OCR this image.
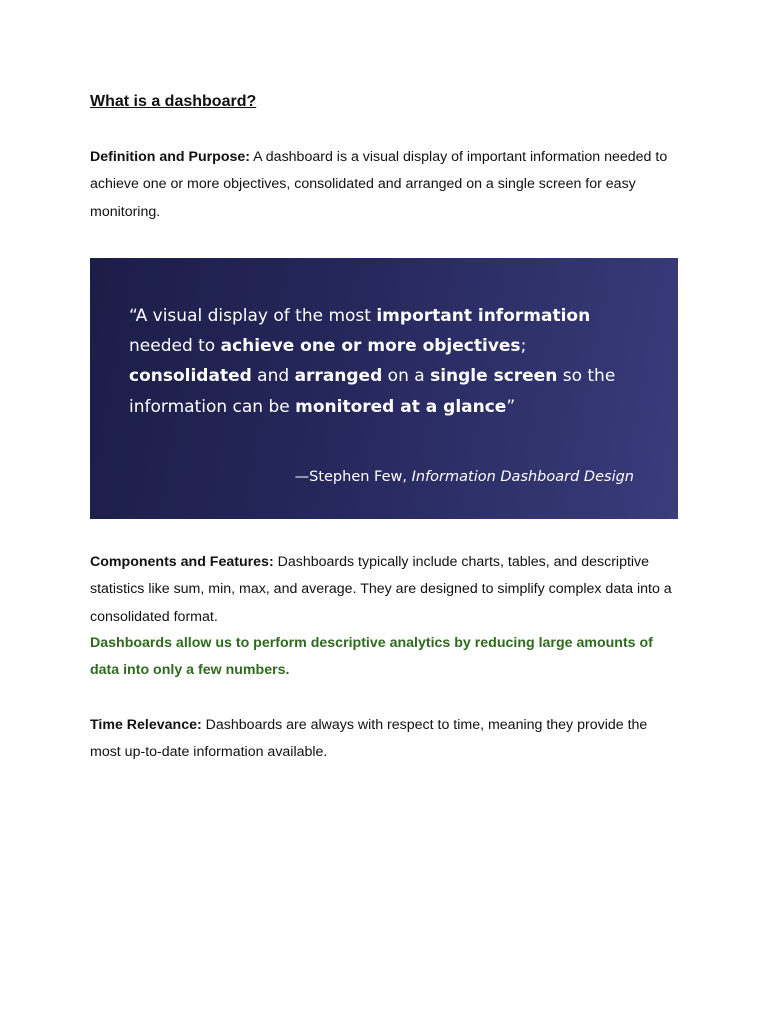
What is a dashboard?

Definition and Purpose: A dashboard is a visual display of important information needed to achieve one or more objectives, consolidated and arranged on a single screen for easy monitoring.

“A visual display of the most important information needed to achieve one or more objectives; consolidated and arranged on a single screen so the information can be monitored at a glance”

—Stephen Few, Information Dashboard Design

Components and Features: Dashboards typically include charts, tables, and descriptive statistics like sum, min, max, and average. They are designed to simplify complex data into a consolidated format.

Dashboards allow us to perform descriptive analytics by reducing large amounts of data into only a few numbers.

Time Relevance: Dashboards are always with respect to time, meaning they provide the most up-to-date information available.
